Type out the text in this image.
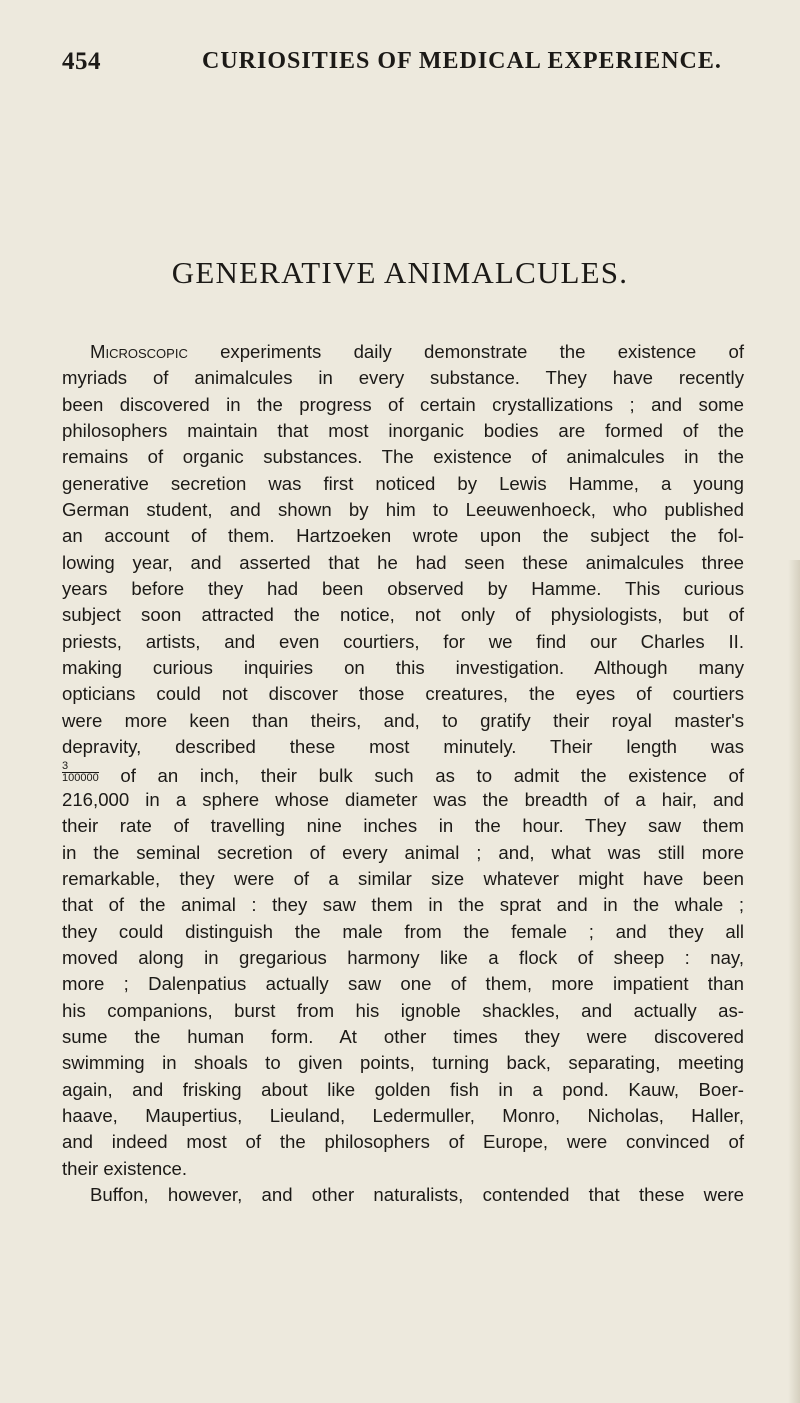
454	CURIOSITIES OF MEDICAL EXPERIENCE.
GENERATIVE ANIMALCULES.
Microscopic experiments daily demonstrate the existence of
myriads of animalcules in every substance. They have recently
been discovered in the progress of certain crystallizations ; and some
philosophers maintain that most inorganic bodies are formed of the
remains of organic substances. The existence of animalcules in the
generative secretion was first noticed by Lewis Hamme, a young
German student, and shown by him to Leeuwenhoeck, who published
an account of them. Hartzoeken wrote upon the subject the fol-
lowing year, and asserted that he had seen these animalcules three
years before they had been observed by Hamme. This curious
subject soon attracted the notice, not only of physiologists, but of
priests, artists, and even courtiers, for we find our Charles II.
making curious inquiries on this investigation. Although many
opticians could not discover those creatures, the eyes of courtiers
were more keen than theirs, and, to gratify their royal master's
depravity, described these most minutely. Their length was
$\frac{3}{100000}$ of an inch, their bulk such as to admit the existence of
216,000 in a sphere whose diameter was the breadth of a hair, and
their rate of travelling nine inches in the hour. They saw them
in the seminal secretion of every animal ; and, what was still more
remarkable, they were of a similar size whatever might have been
that of the animal : they saw them in the sprat and in the whale ;
they could distinguish the male from the female ; and they all
moved along in gregarious harmony like a flock of sheep : nay,
more ; Dalenpatius actually saw one of them, more impatient than
his companions, burst from his ignoble shackles, and actually as-
sume the human form. At other times they were discovered
swimming in shoals to given points, turning back, separating, meeting
again, and frisking about like golden fish in a pond. Kauw, Boer-
haave, Maupertius, Lieuland, Ledermuller, Monro, Nicholas, Haller,
and indeed most of the philosophers of Europe, were convinced of
their existence.
Buffon, however, and other naturalists, contended that these were
